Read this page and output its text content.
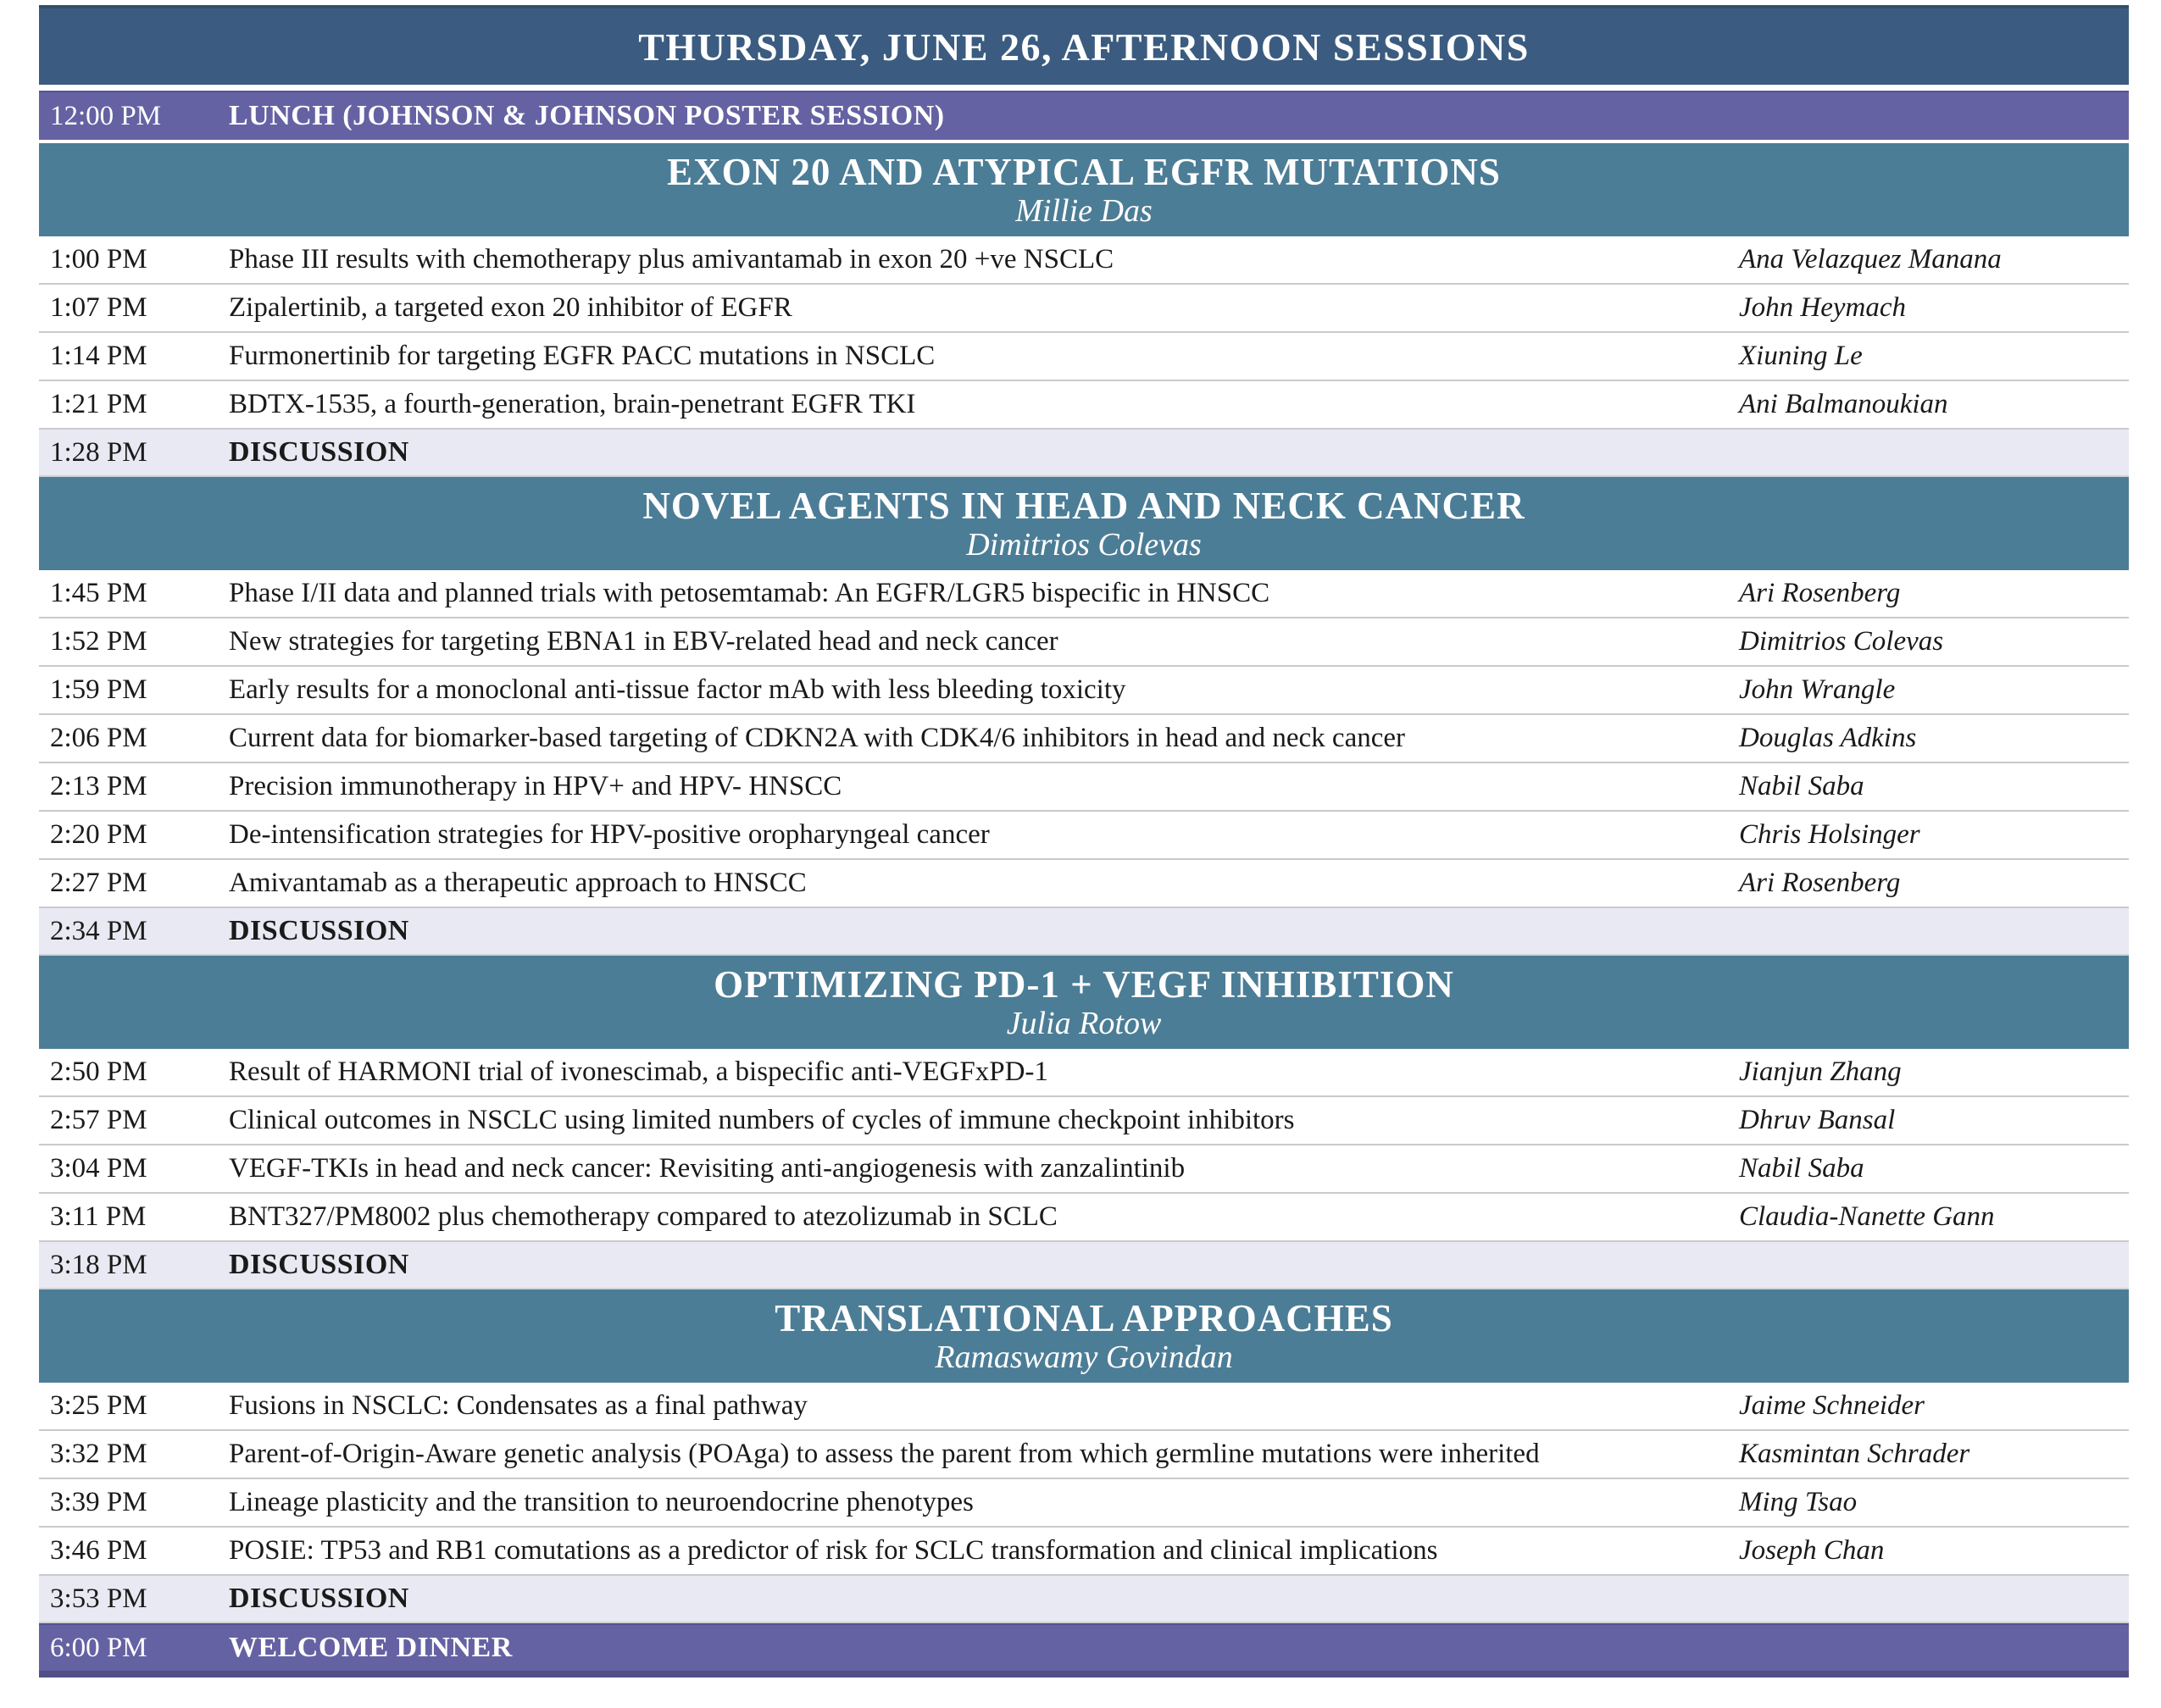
THURSDAY, JUNE 26, AFTERNOON SESSIONS
12:00 PM	LUNCH (JOHNSON & JOHNSON POSTER SESSION)
EXON 20 AND ATYPICAL EGFR MUTATIONS
Millie Das
1:00 PM	Phase III results with chemotherapy plus amivantamab in exon 20 +ve NSCLC	Ana Velazquez Manana
1:07 PM	Zipalertinib, a targeted exon 20 inhibitor of EGFR	John Heymach
1:14 PM	Furmonertinib for targeting EGFR PACC mutations in NSCLC	Xiuning Le
1:21 PM	BDTX-1535, a fourth-generation, brain-penetrant EGFR TKI	Ani Balmanoukian
1:28 PM	DISCUSSION
NOVEL AGENTS IN HEAD AND NECK CANCER
Dimitrios Colevas
1:45 PM	Phase I/II data and planned trials with petosemtamab: An EGFR/LGR5 bispecific in HNSCC	Ari Rosenberg
1:52 PM	New strategies for targeting EBNA1 in EBV-related head and neck cancer	Dimitrios Colevas
1:59 PM	Early results for a monoclonal anti-tissue factor mAb with less bleeding toxicity	John Wrangle
2:06 PM	Current data for biomarker-based targeting of CDKN2A with CDK4/6 inhibitors in head and neck cancer	Douglas Adkins
2:13 PM	Precision immunotherapy in HPV+ and HPV- HNSCC	Nabil Saba
2:20 PM	De-intensification strategies for HPV-positive oropharyngeal cancer	Chris Holsinger
2:27 PM	Amivantamab as a therapeutic approach to HNSCC	Ari Rosenberg
2:34 PM	DISCUSSION
OPTIMIZING PD-1 + VEGF INHIBITION
Julia Rotow
2:50 PM	Result of HARMONI trial of ivonescimab, a bispecific anti-VEGFxPD-1	Jianjun Zhang
2:57 PM	Clinical outcomes in NSCLC using limited numbers of cycles of immune checkpoint inhibitors	Dhruv Bansal
3:04 PM	VEGF-TKIs in head and neck cancer: Revisiting anti-angiogenesis with zanzalintinib	Nabil Saba
3:11 PM	BNT327/PM8002 plus chemotherapy compared to atezolizumab in SCLC	Claudia-Nanette Gann
3:18 PM	DISCUSSION
TRANSLATIONAL APPROACHES
Ramaswamy Govindan
3:25 PM	Fusions in NSCLC: Condensates as a final pathway	Jaime Schneider
3:32 PM	Parent-of-Origin-Aware genetic analysis (POAga) to assess the parent from which germline mutations were inherited	Kasmintan Schrader
3:39 PM	Lineage plasticity and the transition to neuroendocrine phenotypes	Ming Tsao
3:46 PM	POSIE: TP53 and RB1 comutations as a predictor of risk for SCLC transformation and clinical implications	Joseph Chan
3:53 PM	DISCUSSION
6:00 PM	WELCOME DINNER
